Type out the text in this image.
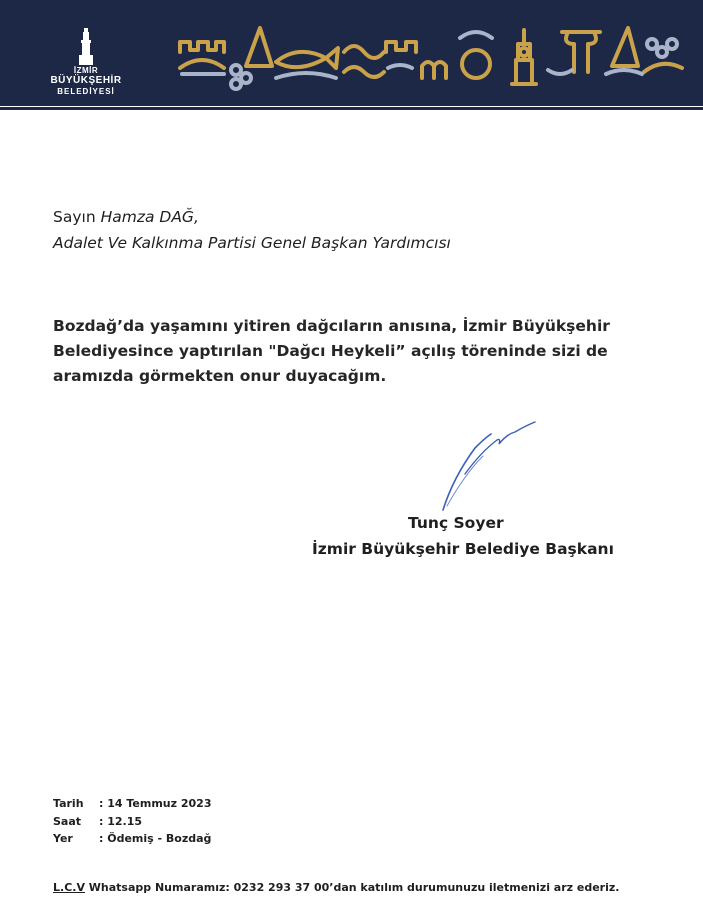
İZMİR
BÜYÜKŞEHİR
BELEDİYESİ
Sayın Hamza DAĞ,
Adalet Ve Kalkınma Partisi Genel Başkan Yardımcısı
Bozdağ’da yaşamını yitiren dağcıların anısına, İzmir Büyükşehir
Belediyesince yaptırılan "Dağcı Heykeli” açılış töreninde sizi de
aramızda görmekten onur duyacağım.
Tunç Soyer
İzmir Büyükşehir Belediye Başkanı
Tarih	: 14 Temmuz 2023
Saat	: 12.15
Yer	: Ödemiş - Bozdağ
L.C.V Whatsapp Numaramız: 0232 293 37 00’dan katılım durumunuzu iletmenizi arz ederiz.
